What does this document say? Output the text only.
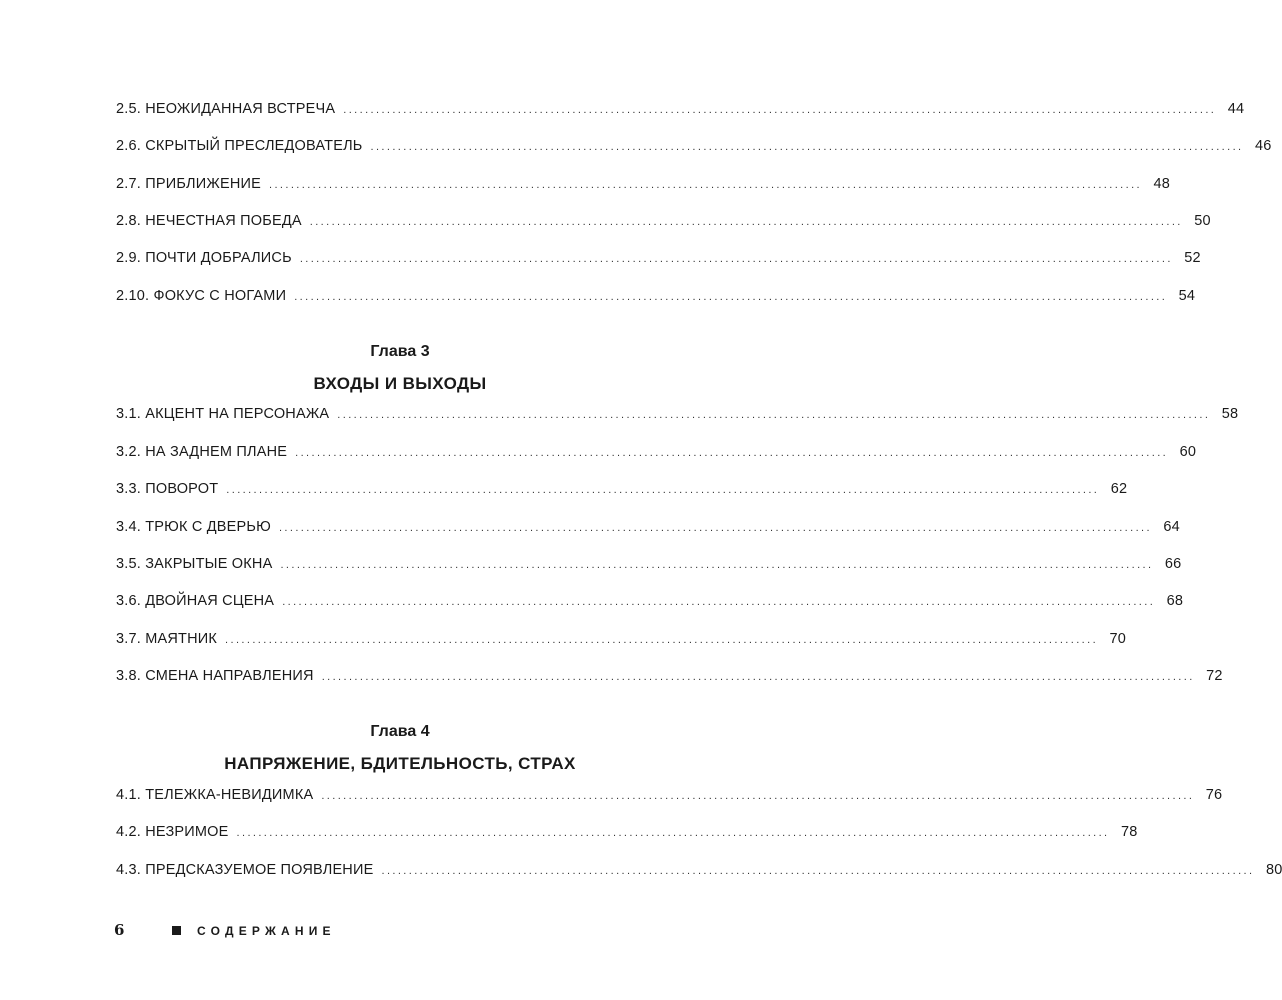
2.5. НЕОЖИДАННАЯ ВСТРЕЧА ................................................................................................................................................................ 44
2.6. СКРЫТЫЙ ПРЕСЛЕДОВАТЕЛЬ ................................................................................................................................................................ 46
2.7. ПРИБЛИЖЕНИЕ ................................................................................................................................................................ 48
2.8. НЕЧЕСТНАЯ ПОБЕДА ................................................................................................................................................................ 50
2.9. ПОЧТИ ДОБРАЛИСЬ ................................................................................................................................................................ 52
2.10. ФОКУС С НОГАМИ ................................................................................................................................................................ 54
Глава 3
ВХОДЫ И ВЫХОДЫ
3.1. АКЦЕНТ НА ПЕРСОНАЖА ................................................................................................................................................................ 58
3.2. НА ЗАДНЕМ ПЛАНЕ ................................................................................................................................................................ 60
3.3. ПОВОРОТ ................................................................................................................................................................ 62
3.4. ТРЮК С ДВЕРЬЮ ................................................................................................................................................................ 64
3.5. ЗАКРЫТЫЕ ОКНА ................................................................................................................................................................ 66
3.6. ДВОЙНАЯ СЦЕНА ................................................................................................................................................................ 68
3.7. МАЯТНИК ................................................................................................................................................................ 70
3.8. СМЕНА НАПРАВЛЕНИЯ ................................................................................................................................................................ 72
Глава 4
НАПРЯЖЕНИЕ, БДИТЕЛЬНОСТЬ, СТРАХ
4.1. ТЕЛЕЖКА-НЕВИДИМКА ................................................................................................................................................................ 76
4.2. НЕЗРИМОЕ ................................................................................................................................................................ 78
4.3. ПРЕДСКАЗУЕМОЕ ПОЯВЛЕНИЕ ................................................................................................................................................................ 80
6	СОДЕРЖАНИЕ
